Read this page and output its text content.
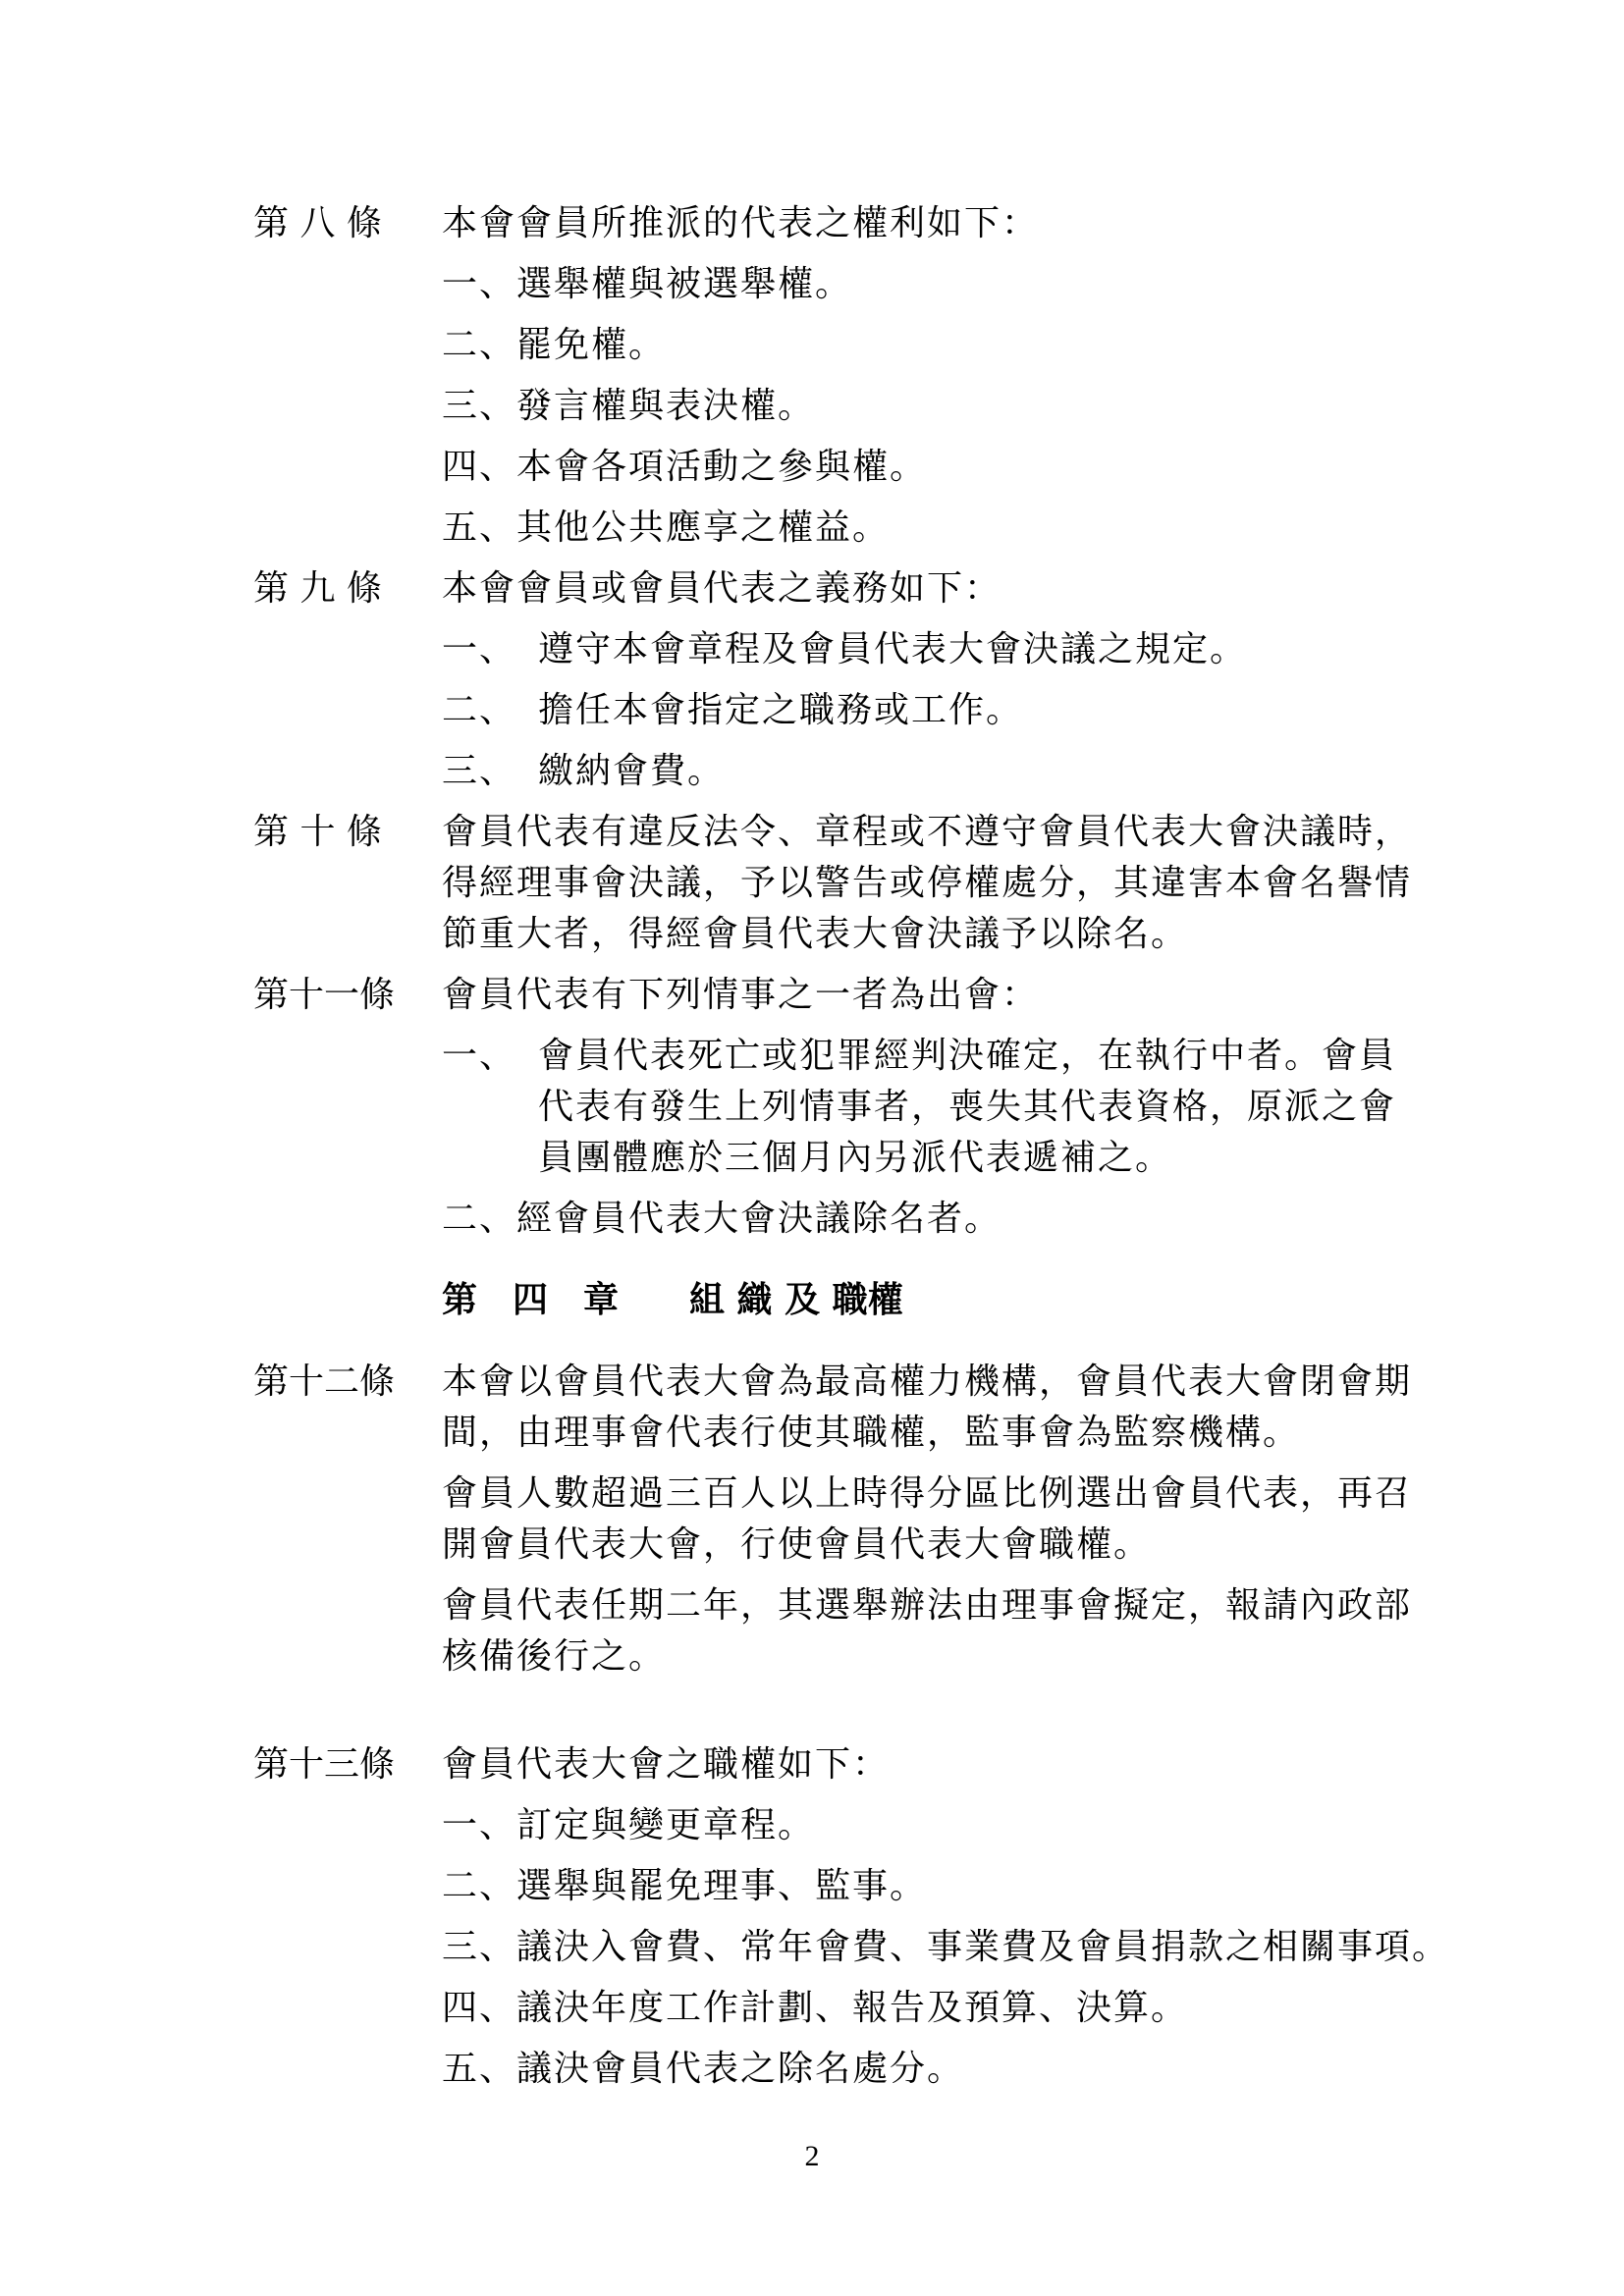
第 八 條 本會會員所推派的代表之權利如下：
一、選舉權與被選舉權。
二、罷免權。
三、發言權與表決權。
四、本會各項活動之參與權。
五、其他公共應享之權益。
第 九 條 本會會員或會員代表之義務如下：
一、 遵守本會章程及會員代表大會決議之規定。
二、 擔任本會指定之職務或工作。
三、 繳納會費。
第 十 條 會員代表有違反法令、章程或不遵守會員代表大會決議時，
得經理事會決議，予以警告或停權處分，其違害本會名譽情
節重大者，得經會員代表大會決議予以除名。
第十一條 會員代表有下列情事之一者為出會：
一、 會員代表死亡或犯罪經判決確定，在執行中者。會員
代表有發生上列情事者，喪失其代表資格，原派之會
員團體應於三個月內另派代表遞補之。
二、經會員代表大會決議除名者。
第　四　章　　組 織 及 職權
第十二條 本會以會員代表大會為最高權力機構，會員代表大會閉會期
間，由理事會代表行使其職權，監事會為監察機構。
會員人數超過三百人以上時得分區比例選出會員代表，再召
開會員代表大會，行使會員代表大會職權。
會員代表任期二年，其選舉辦法由理事會擬定，報請內政部
核備後行之。
第十三條 會員代表大會之職權如下：
一、訂定與變更章程。
二、選舉與罷免理事、監事。
三、議決入會費、常年會費、事業費及會員捐款之相關事項。
四、議決年度工作計劃、報告及預算、決算。
五、議決會員代表之除名處分。
2
